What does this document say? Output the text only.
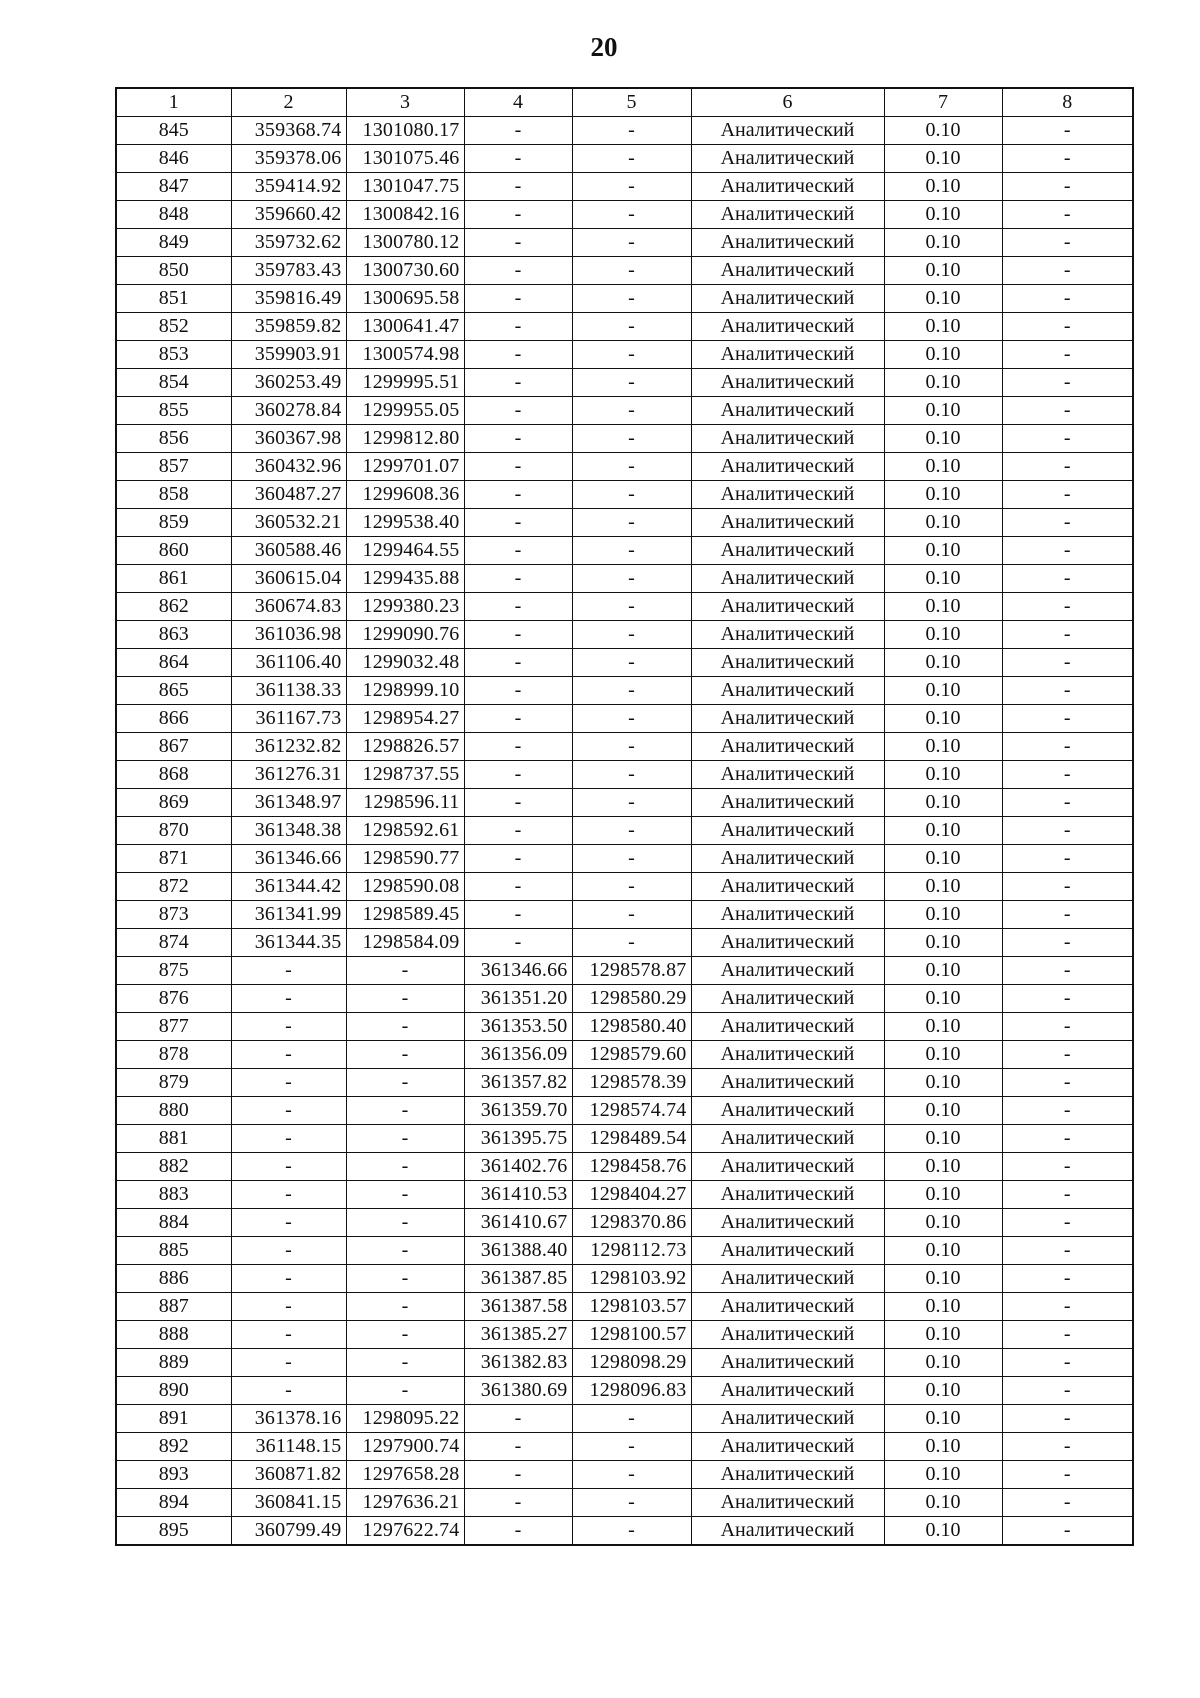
20
1	2	3	4	5	6	7	8
845	359368.74	1301080.17	-	-	Аналитический	0.10	-
846	359378.06	1301075.46	-	-	Аналитический	0.10	-
847	359414.92	1301047.75	-	-	Аналитический	0.10	-
848	359660.42	1300842.16	-	-	Аналитический	0.10	-
849	359732.62	1300780.12	-	-	Аналитический	0.10	-
850	359783.43	1300730.60	-	-	Аналитический	0.10	-
851	359816.49	1300695.58	-	-	Аналитический	0.10	-
852	359859.82	1300641.47	-	-	Аналитический	0.10	-
853	359903.91	1300574.98	-	-	Аналитический	0.10	-
854	360253.49	1299995.51	-	-	Аналитический	0.10	-
855	360278.84	1299955.05	-	-	Аналитический	0.10	-
856	360367.98	1299812.80	-	-	Аналитический	0.10	-
857	360432.96	1299701.07	-	-	Аналитический	0.10	-
858	360487.27	1299608.36	-	-	Аналитический	0.10	-
859	360532.21	1299538.40	-	-	Аналитический	0.10	-
860	360588.46	1299464.55	-	-	Аналитический	0.10	-
861	360615.04	1299435.88	-	-	Аналитический	0.10	-
862	360674.83	1299380.23	-	-	Аналитический	0.10	-
863	361036.98	1299090.76	-	-	Аналитический	0.10	-
864	361106.40	1299032.48	-	-	Аналитический	0.10	-
865	361138.33	1298999.10	-	-	Аналитический	0.10	-
866	361167.73	1298954.27	-	-	Аналитический	0.10	-
867	361232.82	1298826.57	-	-	Аналитический	0.10	-
868	361276.31	1298737.55	-	-	Аналитический	0.10	-
869	361348.97	1298596.11	-	-	Аналитический	0.10	-
870	361348.38	1298592.61	-	-	Аналитический	0.10	-
871	361346.66	1298590.77	-	-	Аналитический	0.10	-
872	361344.42	1298590.08	-	-	Аналитический	0.10	-
873	361341.99	1298589.45	-	-	Аналитический	0.10	-
874	361344.35	1298584.09	-	-	Аналитический	0.10	-
875	-	-	361346.66	1298578.87	Аналитический	0.10	-
876	-	-	361351.20	1298580.29	Аналитический	0.10	-
877	-	-	361353.50	1298580.40	Аналитический	0.10	-
878	-	-	361356.09	1298579.60	Аналитический	0.10	-
879	-	-	361357.82	1298578.39	Аналитический	0.10	-
880	-	-	361359.70	1298574.74	Аналитический	0.10	-
881	-	-	361395.75	1298489.54	Аналитический	0.10	-
882	-	-	361402.76	1298458.76	Аналитический	0.10	-
883	-	-	361410.53	1298404.27	Аналитический	0.10	-
884	-	-	361410.67	1298370.86	Аналитический	0.10	-
885	-	-	361388.40	1298112.73	Аналитический	0.10	-
886	-	-	361387.85	1298103.92	Аналитический	0.10	-
887	-	-	361387.58	1298103.57	Аналитический	0.10	-
888	-	-	361385.27	1298100.57	Аналитический	0.10	-
889	-	-	361382.83	1298098.29	Аналитический	0.10	-
890	-	-	361380.69	1298096.83	Аналитический	0.10	-
891	361378.16	1298095.22	-	-	Аналитический	0.10	-
892	361148.15	1297900.74	-	-	Аналитический	0.10	-
893	360871.82	1297658.28	-	-	Аналитический	0.10	-
894	360841.15	1297636.21	-	-	Аналитический	0.10	-
895	360799.49	1297622.74	-	-	Аналитический	0.10	-
